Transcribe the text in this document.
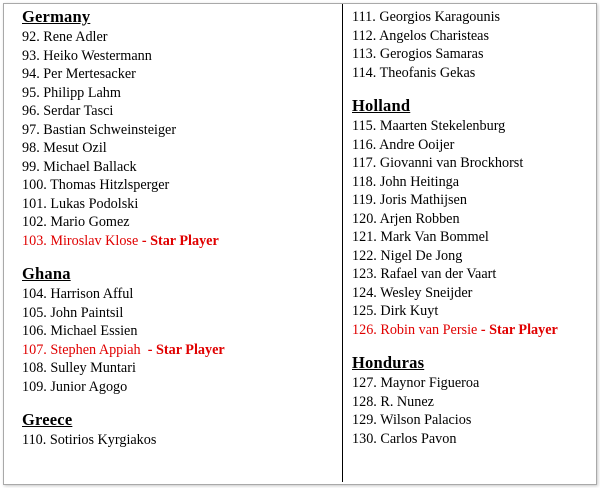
Germany
92. Rene Adler
93. Heiko Westermann
94. Per Mertesacker
95. Philipp Lahm
96. Serdar Tasci
97. Bastian Schweinsteiger
98. Mesut Ozil
99. Michael Ballack
100. Thomas Hitzlsperger
101. Lukas Podolski
102. Mario Gomez
103. Miroslav Klose - Star Player
Ghana
104. Harrison Afful
105. John Paintsil
106. Michael Essien
107. Stephen Appiah  - Star Player
108. Sulley Muntari
109. Junior Agogo
Greece
110. Sotirios Kyrgiakos
111. Georgios Karagounis
112. Angelos Charisteas
113. Gerogios Samaras
114. Theofanis Gekas
Holland
115. Maarten Stekelenburg
116. Andre Ooijer
117. Giovanni van Brockhorst
118. John Heitinga
119. Joris Mathijsen
120. Arjen Robben
121. Mark Van Bommel
122. Nigel De Jong
123. Rafael van der Vaart
124. Wesley Sneijder
125. Dirk Kuyt
126. Robin van Persie - Star Player
Honduras
127. Maynor Figueroa
128. R. Nunez
129. Wilson Palacios
130. Carlos Pavon
